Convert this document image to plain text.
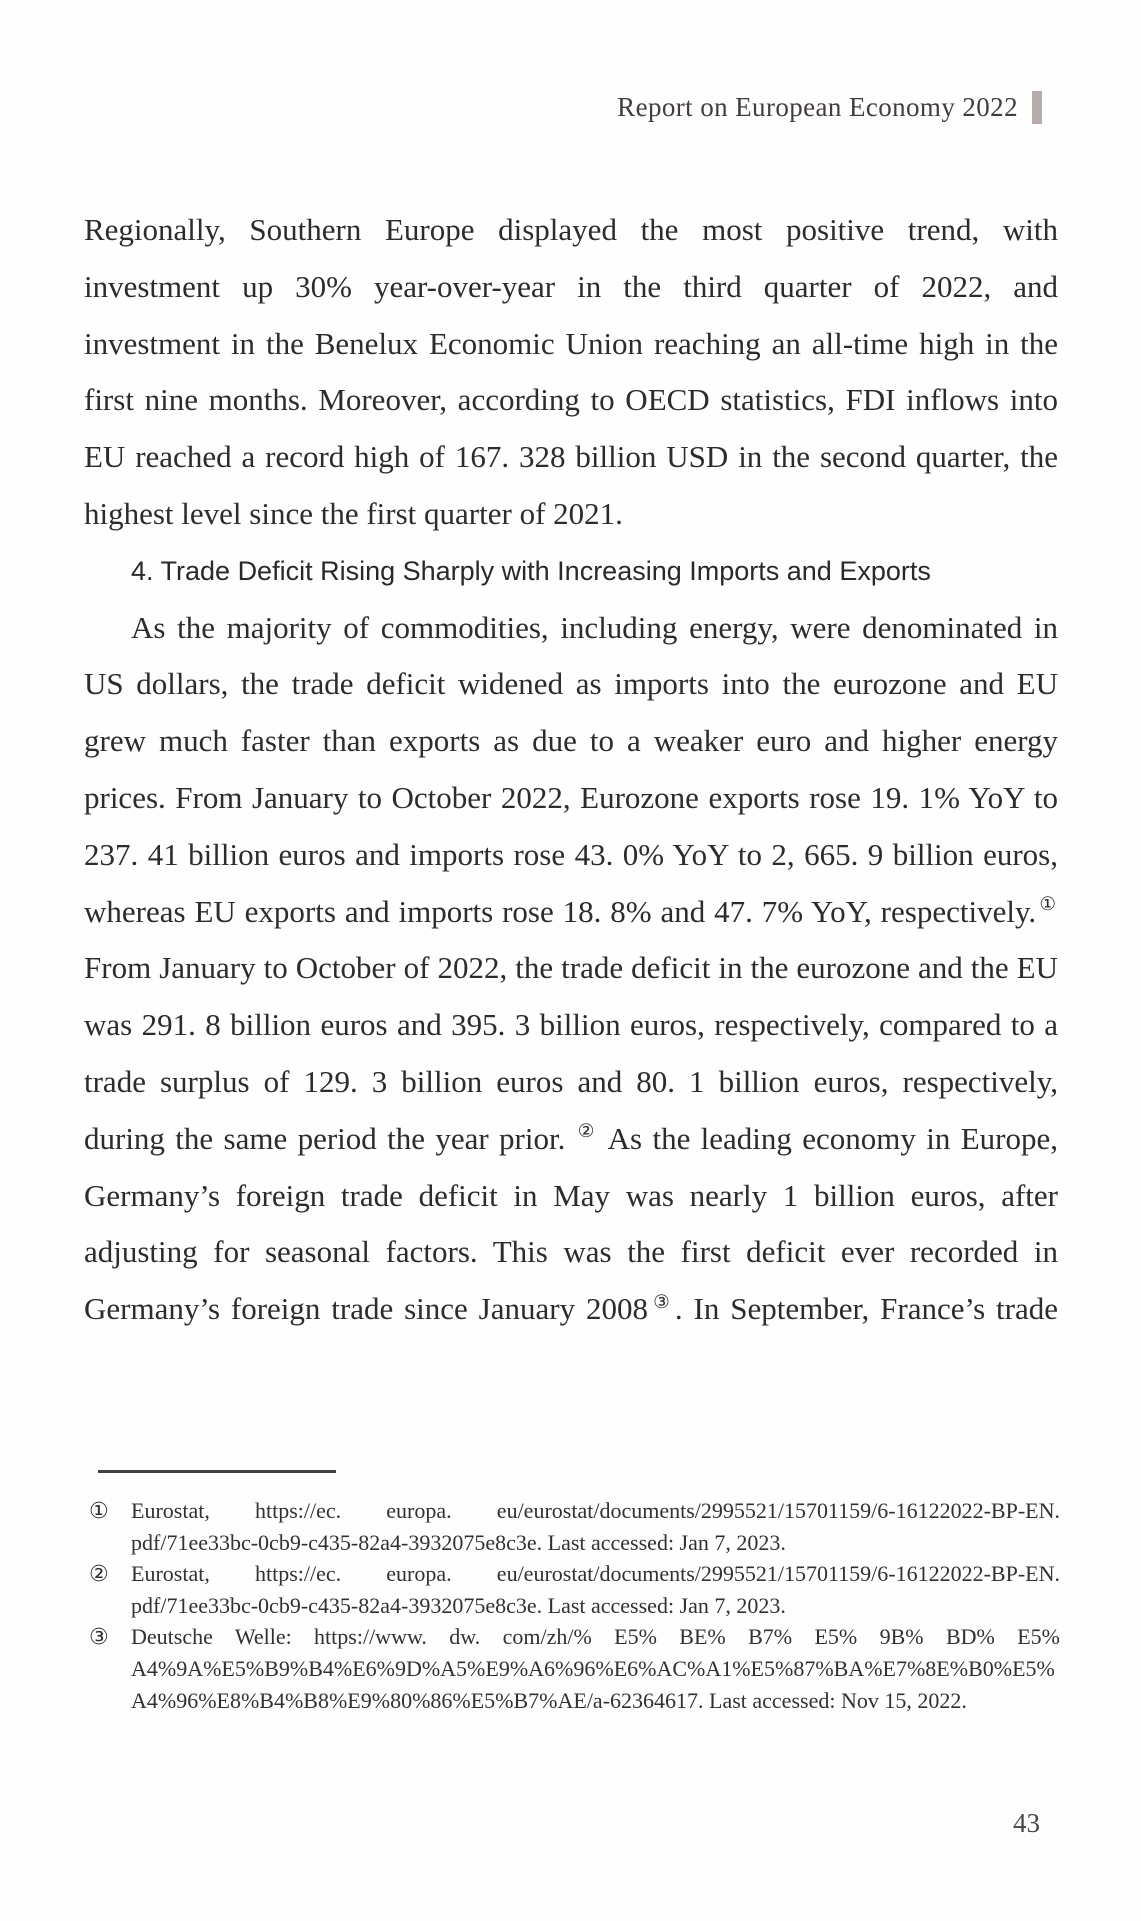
Report on European Economy 2022

Regionally, Southern Europe displayed the most positive trend, with investment up 30% year-over-year in the third quarter of 2022, and investment in the Benelux Economic Union reaching an all-time high in the first nine months. Moreover, according to OECD statistics, FDI inflows into EU reached a record high of 167. 328 billion USD in the second quarter, the highest level since the first quarter of 2021.

4. Trade Deficit Rising Sharply with Increasing Imports and Exports

As the majority of commodities, including energy, were denominated in US dollars, the trade deficit widened as imports into the eurozone and EU grew much faster than exports as due to a weaker euro and higher energy prices. From January to October 2022, Eurozone exports rose 19. 1% YoY to 237. 41 billion euros and imports rose 43. 0% YoY to 2, 665. 9 billion euros, whereas EU exports and imports rose 18. 8% and 47. 7% YoY, respectively. ① From January to October of 2022, the trade deficit in the eurozone and the EU was 291. 8 billion euros and 395. 3 billion euros, respectively, compared to a trade surplus of 129. 3 billion euros and 80. 1 billion euros, respectively, during the same period the year prior. ② As the leading economy in Europe, Germany’s foreign trade deficit in May was nearly 1 billion euros, after adjusting for seasonal factors. This was the first deficit ever recorded in Germany’s foreign trade since January 2008 ③. In September, France’s trade

① Eurostat, https://ec. europa. eu/eurostat/documents/2995521/15701159/6-16122022-BP-EN. pdf/71ee33bc-0cb9-c435-82a4-3932075e8c3e. Last accessed: Jan 7, 2023.
② Eurostat, https://ec. europa. eu/eurostat/documents/2995521/15701159/6-16122022-BP-EN. pdf/71ee33bc-0cb9-c435-82a4-3932075e8c3e. Last accessed: Jan 7, 2023.
③ Deutsche Welle: https://www. dw. com/zh/% E5% BE% B7% E5% 9B% BD% E5% A4%9A%E5%B9%B4%E6%9D%A5%E9%A6%96%E6%AC%A1%E5%87%BA%E7%8E%B0%E5%A4%96%E8%B4%B8%E9%80%86%E5%B7%AE/a-62364617. Last accessed: Nov 15, 2022.
43
